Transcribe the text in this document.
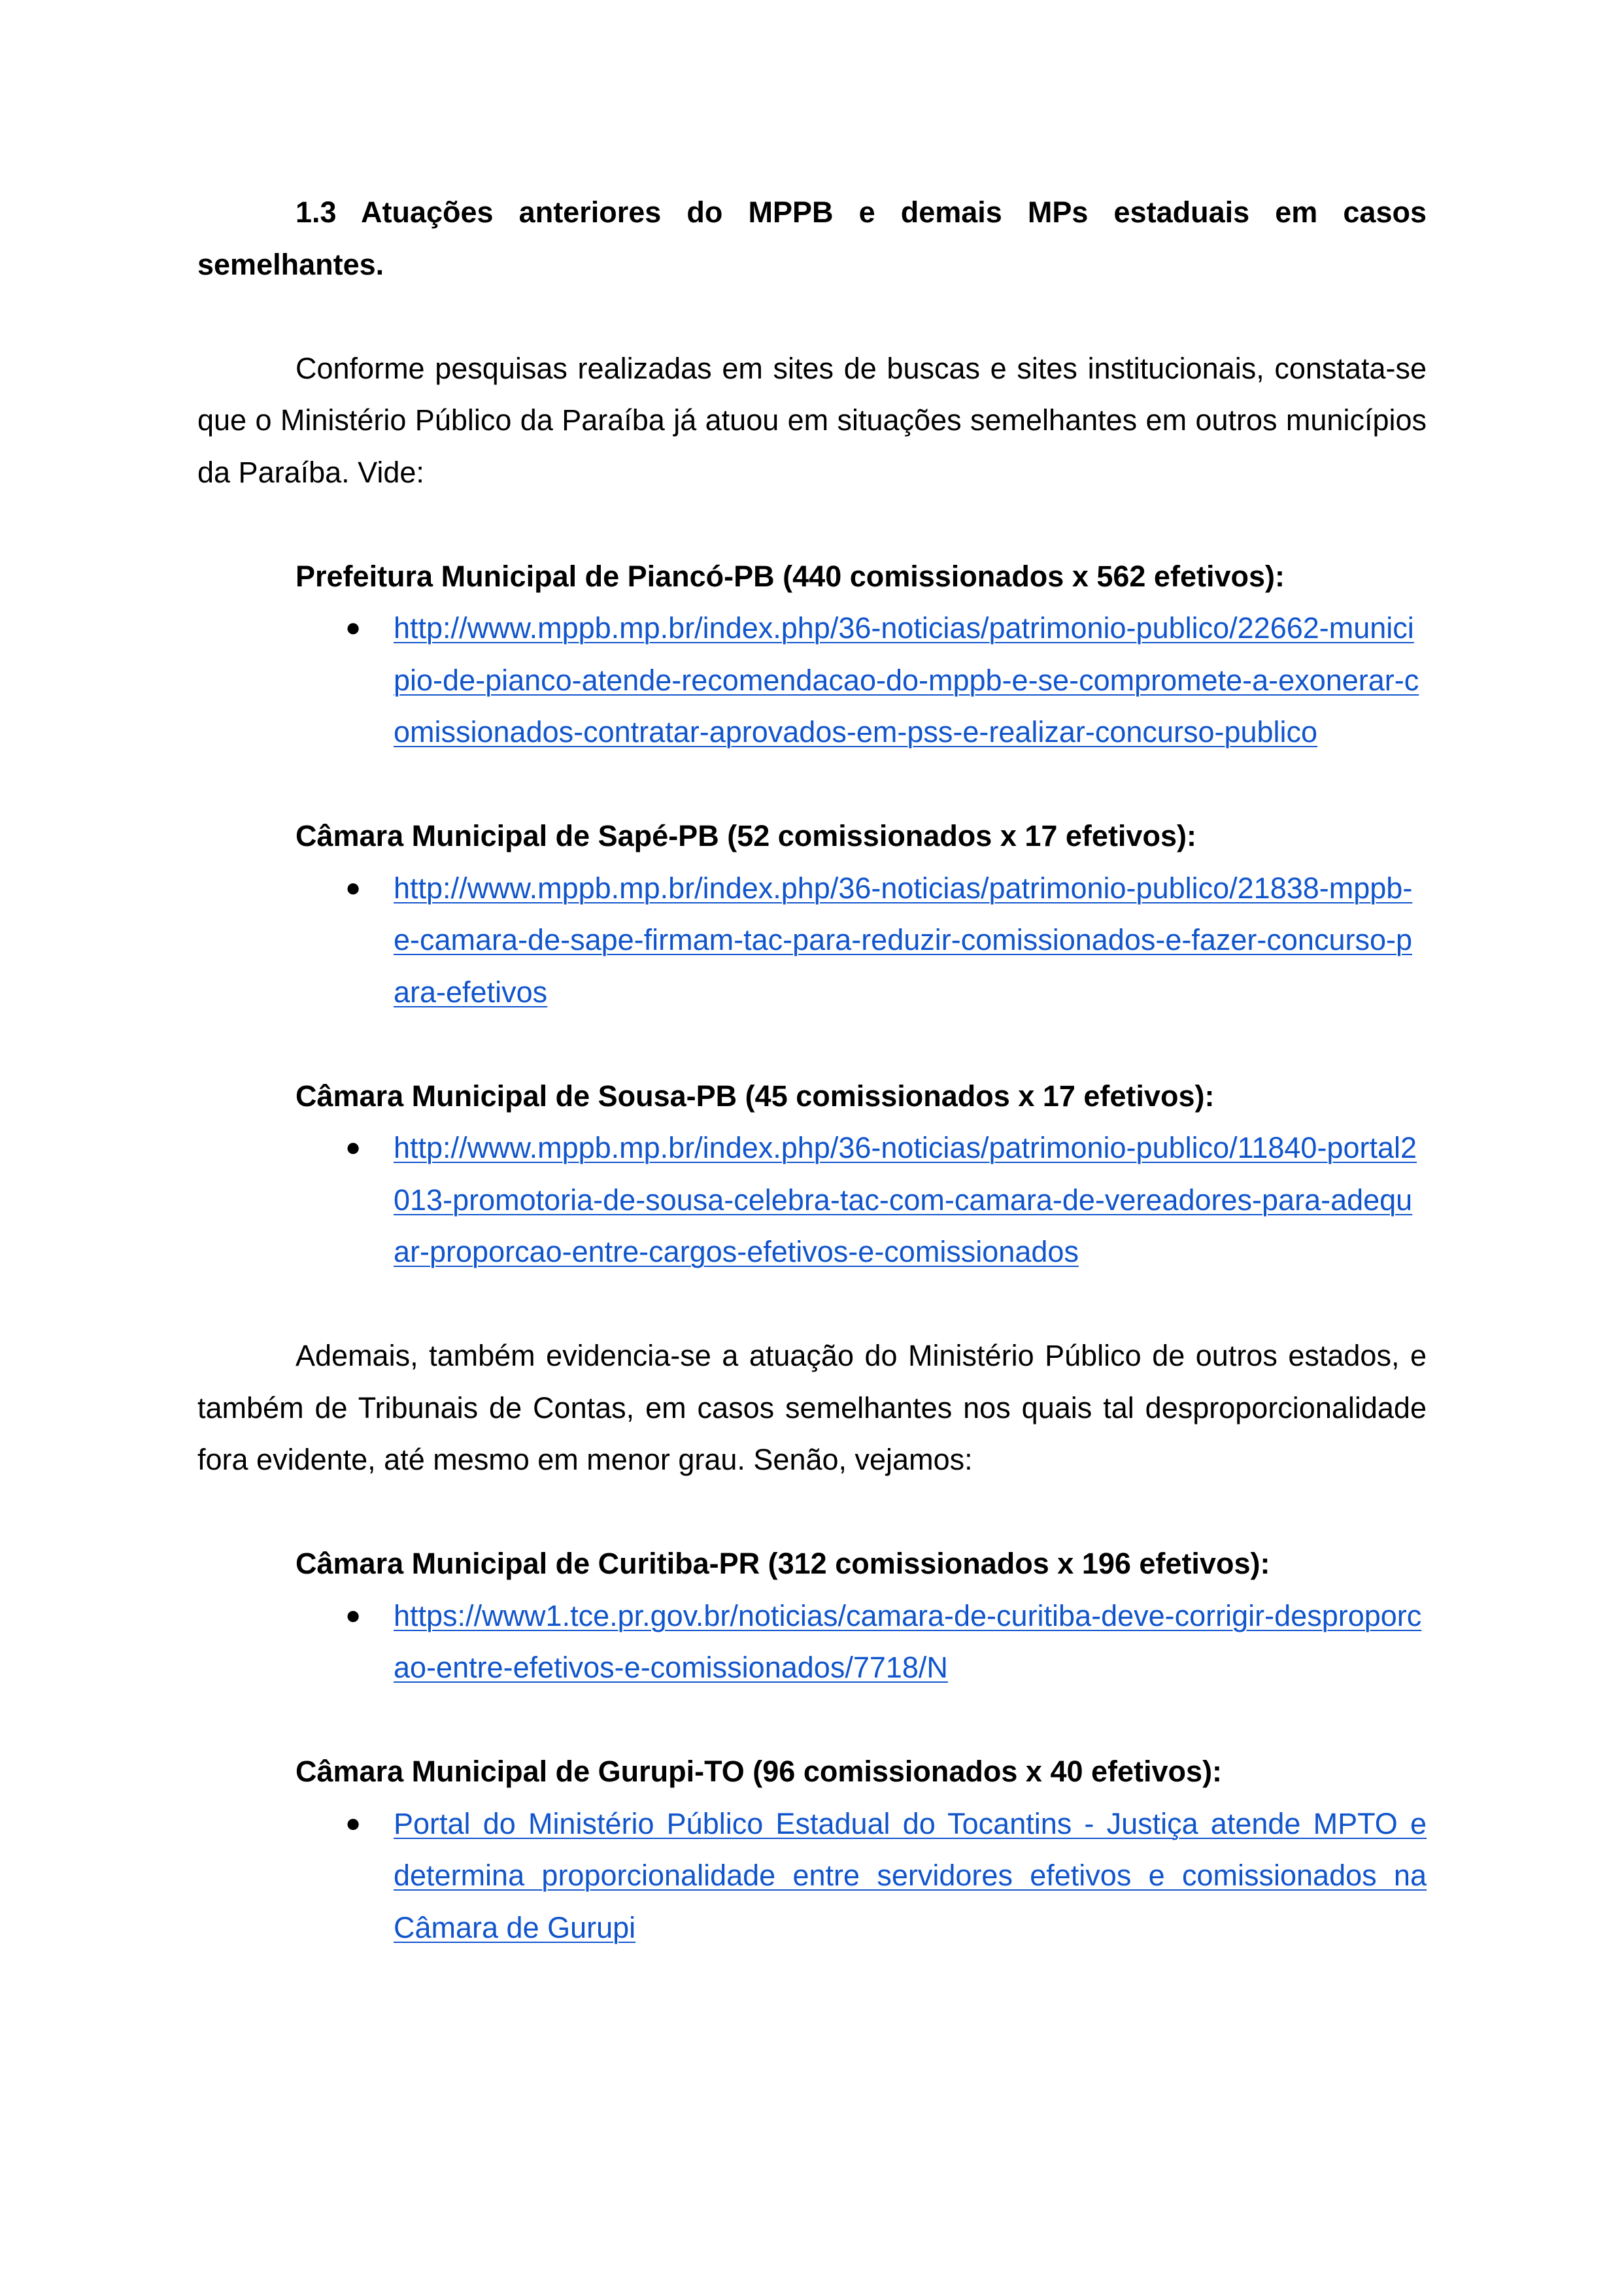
1.3 Atuações anteriores do MPPB e demais MPs estaduais em casos semelhantes.

Conforme pesquisas realizadas em sites de buscas e sites institucionais, constata-se que o Ministério Público da Paraíba já atuou em situações semelhantes em outros municípios da Paraíba. Vide:

Prefeitura Municipal de Piancó-PB (440 comissionados x 562 efetivos):

● http://www.mppb.mp.br/index.php/36-noticias/patrimonio-publico/22662-municipio-de-pianco-atende-recomendacao-do-mppb-e-se-compromete-a-exonerar-comissionados-contratar-aprovados-em-pss-e-realizar-concurso-publico

Câmara Municipal de Sapé-PB (52 comissionados x 17 efetivos):

● http://www.mppb.mp.br/index.php/36-noticias/patrimonio-publico/21838-mppb-e-camara-de-sape-firmam-tac-para-reduzir-comissionados-e-fazer-concurso-para-efetivos

Câmara Municipal de Sousa-PB (45 comissionados x 17 efetivos):

● http://www.mppb.mp.br/index.php/36-noticias/patrimonio-publico/11840-portal2013-promotoria-de-sousa-celebra-tac-com-camara-de-vereadores-para-adequar-proporcao-entre-cargos-efetivos-e-comissionados

Ademais, também evidencia-se a atuação do Ministério Público de outros estados, e também de Tribunais de Contas, em casos semelhantes nos quais tal desproporcionalidade fora evidente, até mesmo em menor grau. Senão, vejamos:

Câmara Municipal de Curitiba-PR (312 comissionados x 196 efetivos):

● https://www1.tce.pr.gov.br/noticias/camara-de-curitiba-deve-corrigir-desproporcao-entre-efetivos-e-comissionados/7718/N

Câmara Municipal de Gurupi-TO (96 comissionados x 40 efetivos):

● Portal do Ministério Público Estadual do Tocantins - Justiça atende MPTO e determina proporcionalidade entre servidores efetivos e comissionados na Câmara de Gurupi
